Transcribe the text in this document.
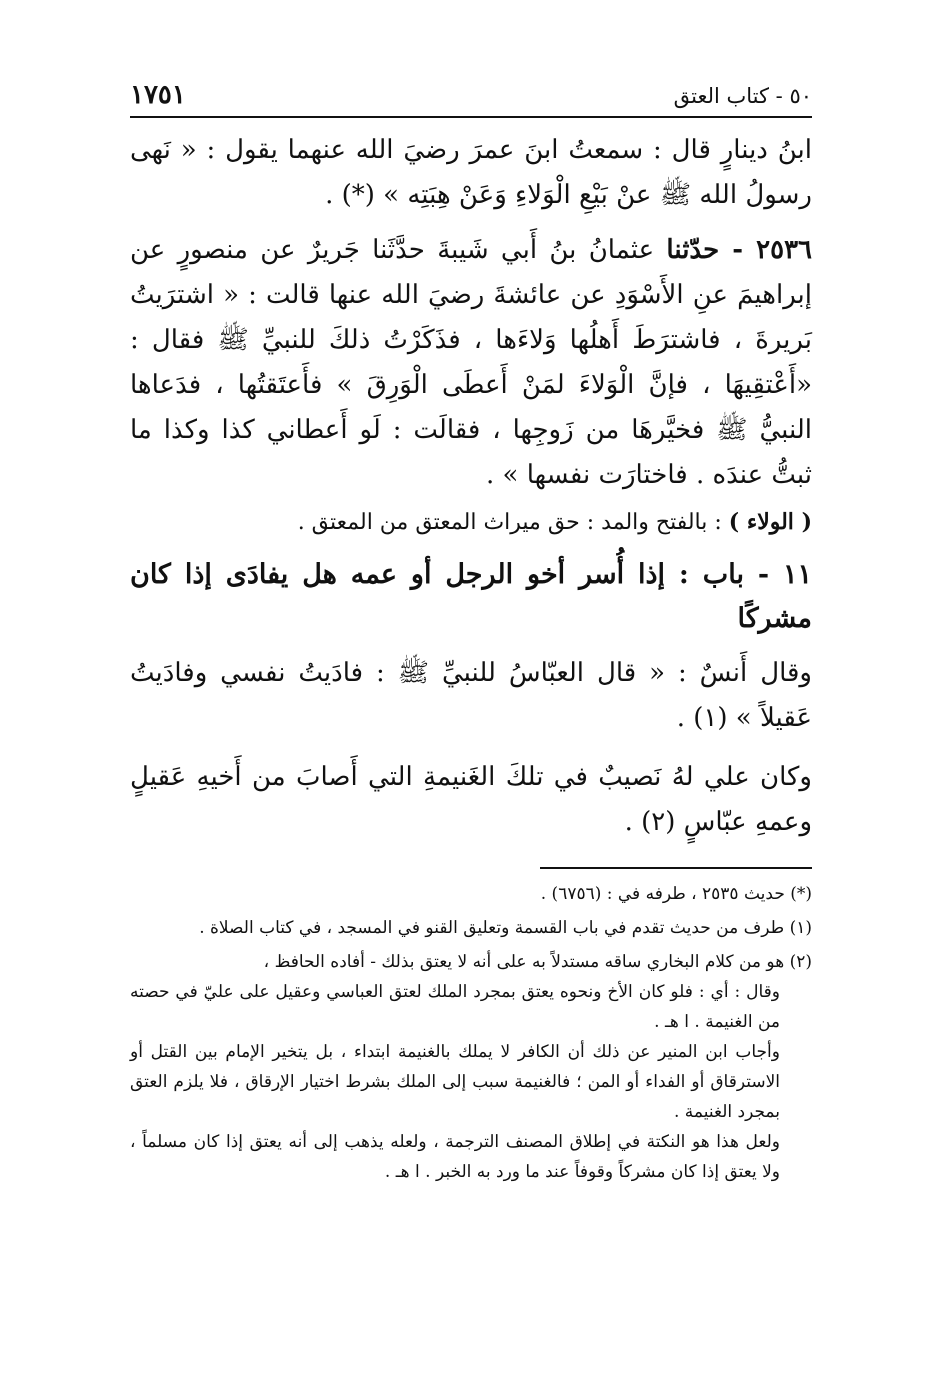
٥٠ - كتاب العتق
١٧٥١

ابنُ دينارٍ قال : سمعتُ ابنَ عمرَ رضيَ الله عنهما يقول : « نَهى رسولُ الله ﷺ عنْ بَيْعِ الْوَلاءِ وَعَنْ هِبَتِه » (*) .

٢٥٣٦ - حدّثنا عثمانُ بنُ أَبي شَيبةَ حدَّثَنا جَريرٌ عن منصورٍ عن إبراهيمَ عنِ الأَسْوَدِ عن عائشةَ رضيَ الله عنها قالت : « اشترَيتُ بَريرةَ ، فاشترَطَ أَهلُها وَلاءَها ، فذَكَرْتُ ذلكَ للنبيِّ ﷺ فقال : «أَعْتقِيهَا ، فإنَّ الْوَلاءَ لمَنْ أَعطَى الْوَرِقَ » فأَعتَقتُها ، فدَعاها النبيُّ ﷺ فخيَّرهَا من زَوجِها ، فقالَت : لَو أَعطاني كذا وكذا ما ثبتُّ عندَه . فاختارَت نفسها » .

( الولاء ) : بالفتح والمد : حق ميراث المعتق من المعتق .

١١ - باب : إذا أُسر أخو الرجل أو عمه هل يفادَى إذا كان مشركًا

وقال أَنسٌ : « قال العبّاسُ للنبيِّ ﷺ : فادَيتُ نفسي وفادَيتُ عَقيلاً » (١) .

وكان علي لهُ نَصيبٌ في تلكَ الغَنيمةِ التي أَصابَ من أَخيهِ عَقيلٍ وعمهِ عبّاسٍ (٢) .

(*) حديث ٢٥٣٥ ، طرفه في : (٦٧٥٦) .

(١) طرف من حديث تقدم في باب القسمة وتعليق القنو في المسجد ، في كتاب الصلاة .

(٢) هو من كلام البخاري ساقه مستدلاً به على أنه لا يعتق بذلك - أفاده الحافظ ،
وقال : أي : فلو كان الأخ ونحوه يعتق بمجرد الملك لعتق العباسي وعقيل على عليّ في حصته من الغنيمة . ا هـ .
وأجاب ابن المنير عن ذلك أن الكافر لا يملك بالغنيمة ابتداء ، بل يتخير الإمام بين القتل أو الاسترقاق أو الفداء أو المن ؛ فالغنيمة سبب إلى الملك بشرط اختيار الإرقاق ، فلا يلزم العتق بمجرد الغنيمة .
ولعل هذا هو النكتة في إطلاق المصنف الترجمة ، ولعله يذهب إلى أنه يعتق إذا كان مسلماً ، ولا يعتق إذا كان مشركاً وقوفاً عند ما ورد به الخبر . ا هـ .
